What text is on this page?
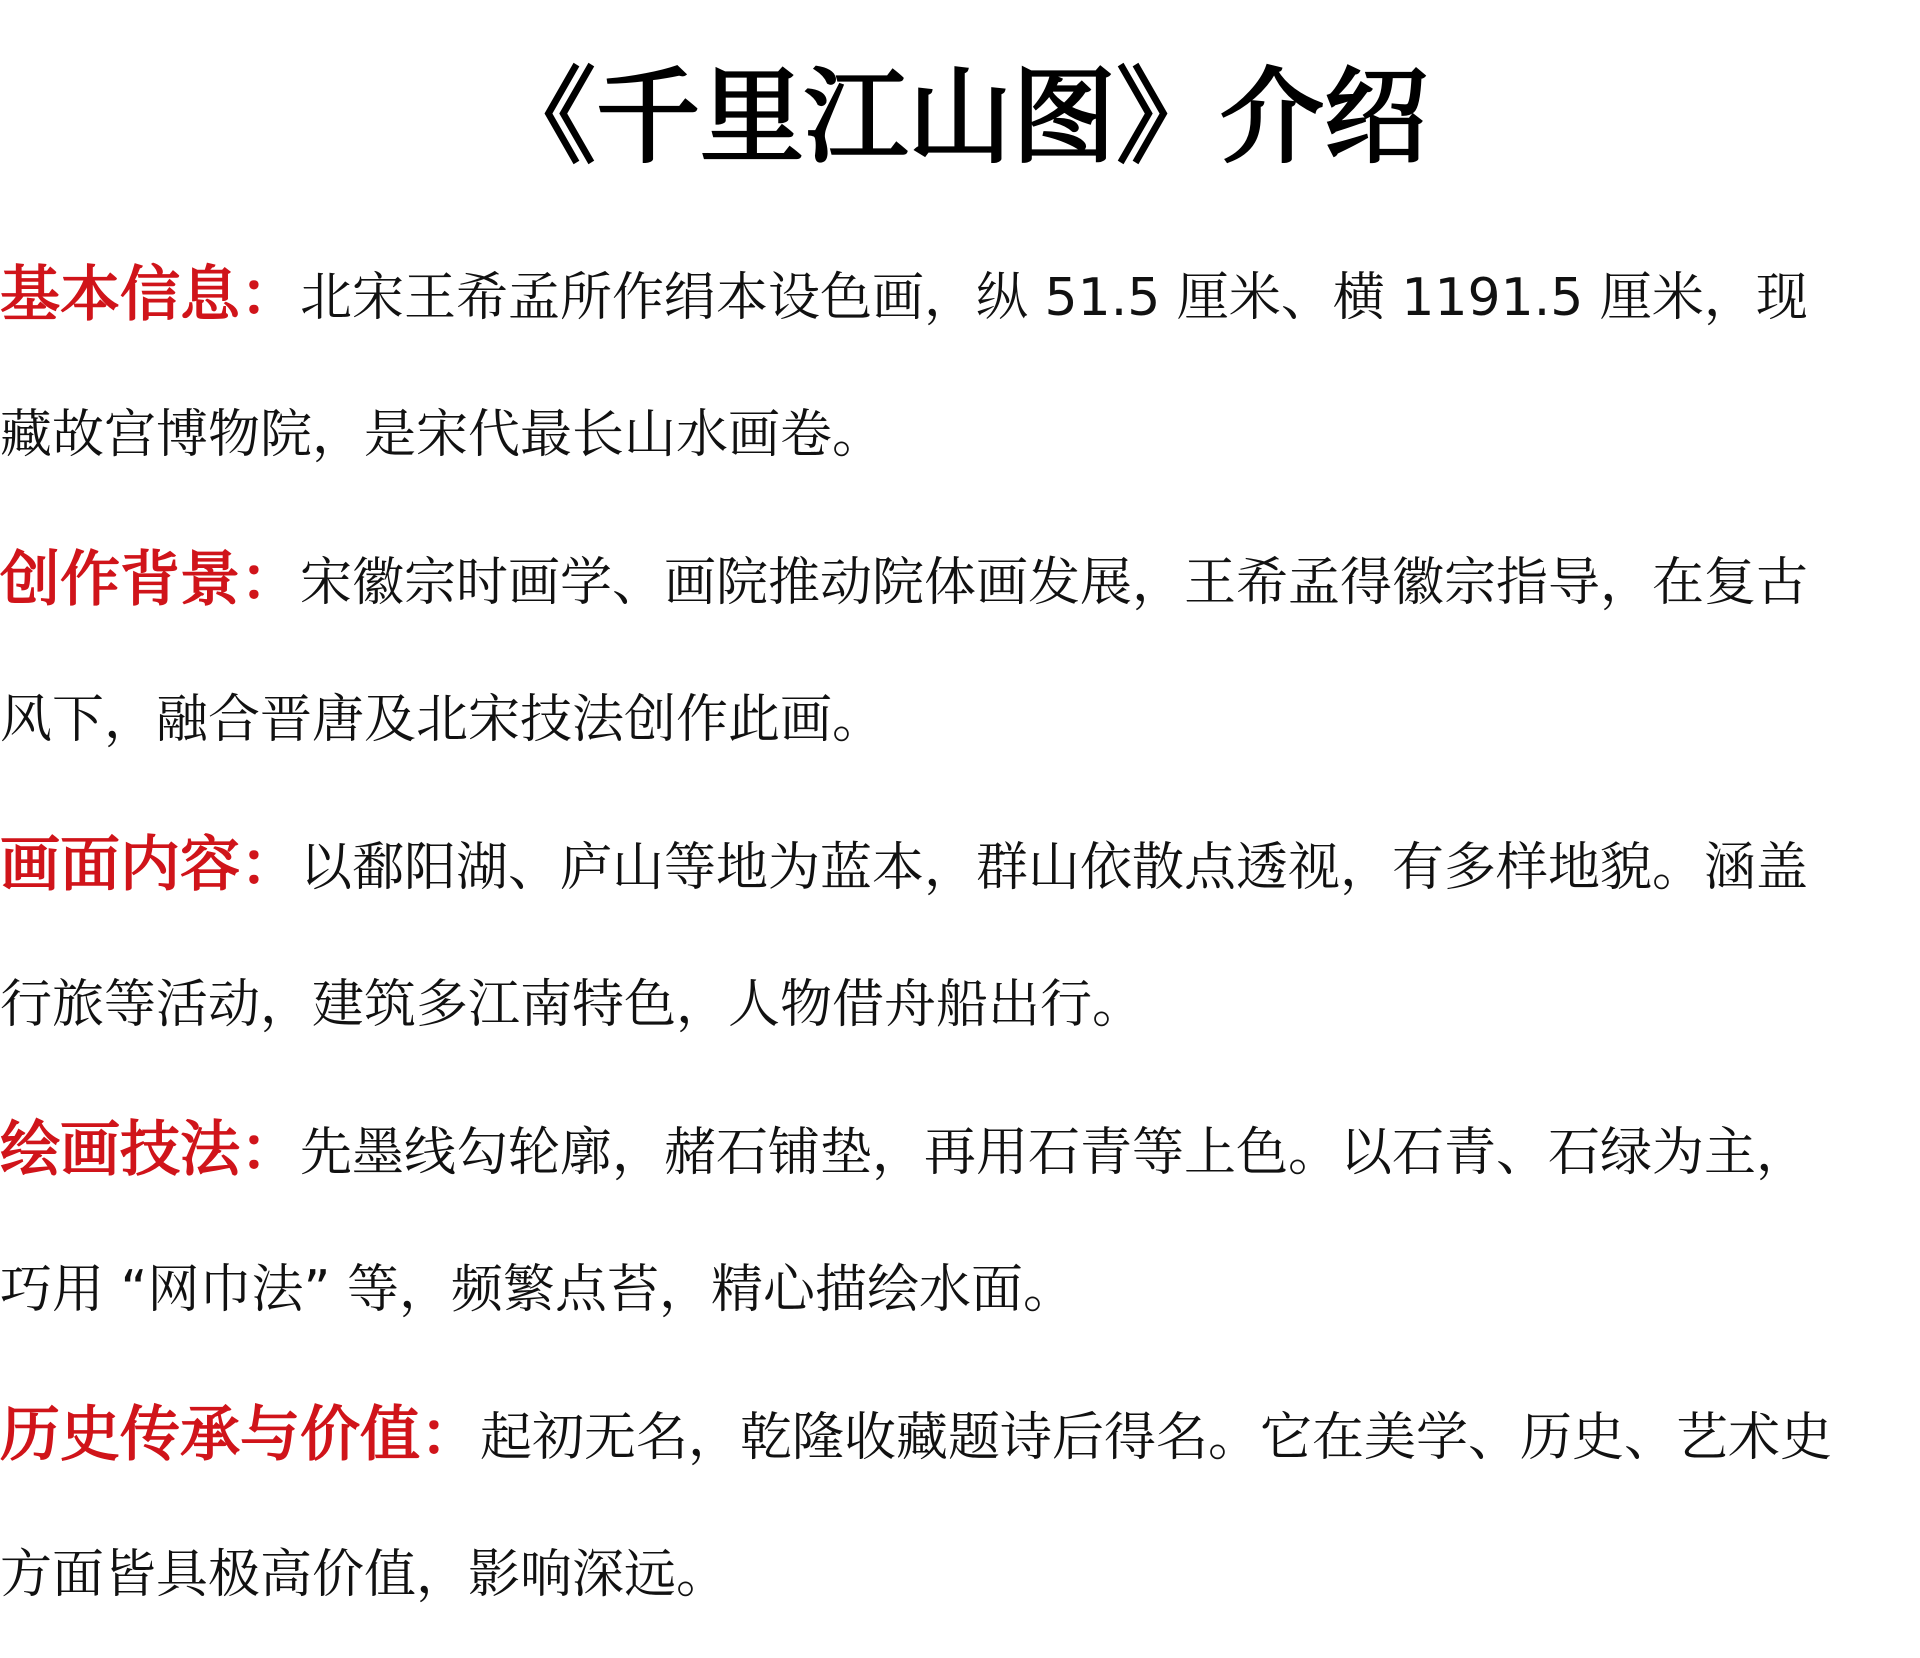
《千里江山图》介绍
基本信息：北宋王希孟所作绢本设色画，纵 51.5 厘米、横 1191.5 厘米，现
藏故宫博物院，是宋代最长山水画卷。
创作背景：宋徽宗时画学、画院推动院体画发展，王希孟得徽宗指导，在复古
风下，融合晋唐及北宋技法创作此画。
画面内容：以鄱阳湖、庐山等地为蓝本，群山依散点透视，有多样地貌。涵盖
行旅等活动，建筑多江南特色，人物借舟船出行。
绘画技法：先墨线勾轮廓，赭石铺垫，再用石青等上色。以石青、石绿为主，
巧用 “网巾法” 等，频繁点苔，精心描绘水面。
历史传承与价值：起初无名，乾隆收藏题诗后得名。它在美学、历史、艺术史
方面皆具极高价值，影响深远。
